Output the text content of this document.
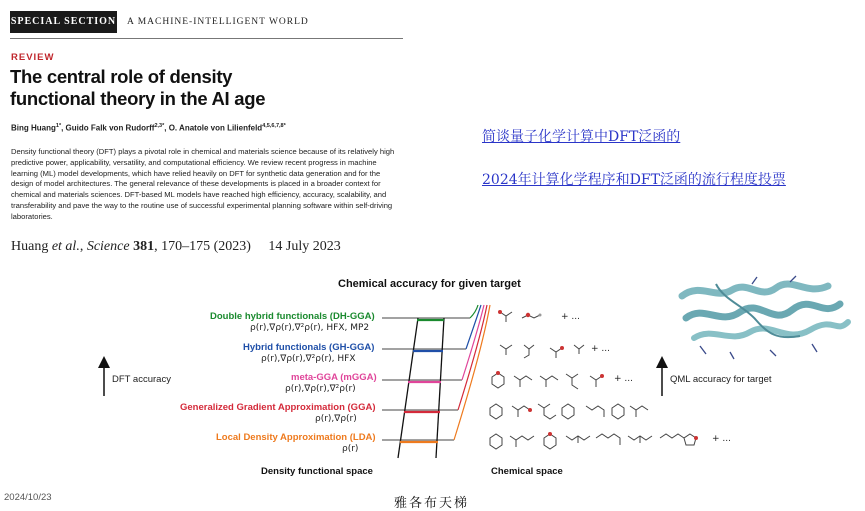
SPECIAL SECTION A MACHINE-INTELLIGENT WORLD
REVIEW
The central role of density functional theory in the AI age
Bing Huang$^{1*}$, Guido Falk von Rudorff$^{2,3*}$, O. Anatole von Lilienfeld$^{4,5,6,7,8*}$
Density functional theory (DFT) plays a pivotal role in chemical and materials science because of its relatively high predictive power, applicability, versatility, and computational efficiency. We review recent progress in machine learning (ML) model developments, which have relied heavily on DFT for synthetic data generation and for the design of model architectures. The general relevance of these developments is placed in a broader context for chemical and materials sciences. DFT-based ML models have reached high efficiency, accuracy, scalability, and transferability and pave the way to the routine use of successful experimental planning software within self-driving laboratories.
Huang et al., Science 381, 170–175 (2023) 14 July 2023
简谈量子化学计算中DFT泛函的
2024年计算化学程序和DFT泛函的流行程度投票
Chemical accuracy for given target
Double hybrid functionals (DH-GGA)
ρ(r),∇ρ(r),∇²ρ(r), HFX, MP2
Hybrid functionals (GH-GGA)
ρ(r),∇ρ(r),∇²ρ(r), HFX
meta-GGA (mGGA)
ρ(r),∇ρ(r),∇²ρ(r)
Generalized Gradient Approximation (GGA)
ρ(r),∇ρ(r)
Local Density Approximation (LDA)
ρ(r)
DFT accuracy	QML accuracy for target
+ ...
+ ...
+ ...
+ ...
Density functional space	Chemical space
2024/10/23	雅各布天梯
